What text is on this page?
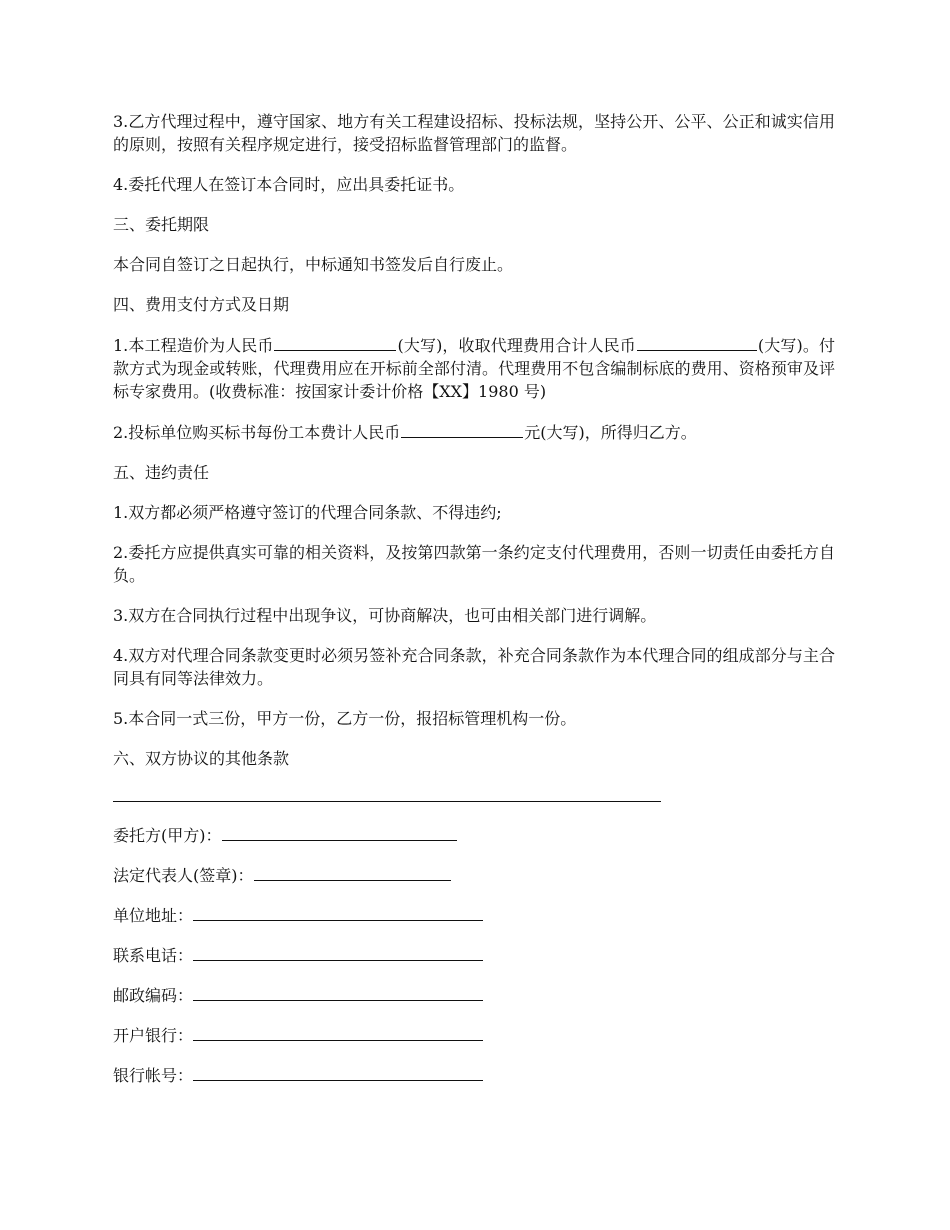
3.乙方代理过程中，遵守国家、地方有关工程建设招标、投标法规，坚持公开、公平、公正和诚实信用的原则，按照有关程序规定进行，接受招标监督管理部门的监督。

4.委托代理人在签订本合同时，应出具委托证书。

三、委托期限

本合同自签订之日起执行，中标通知书签发后自行废止。

四、费用支付方式及日期

1.本工程造价为人民币	(大写)，收取代理费用合计人民币	(大写)。付款方式为现金或转账，代理费用应在开标前全部付清。代理费用不包含编制标底的费用、资格预审及评标专家费用。(收费标准：按国家计委计价格【XX】1980 号)

2.投标单位购买标书每份工本费计人民币	元(大写)，所得归乙方。

五、违约责任

1.双方都必须严格遵守签订的代理合同条款、不得违约;

2.委托方应提供真实可靠的相关资料，及按第四款第一条约定支付代理费用，否则一切责任由委托方自负。

3.双方在合同执行过程中出现争议，可协商解决，也可由相关部门进行调解。

4.双方对代理合同条款变更时必须另签补充合同条款，补充合同条款作为本代理合同的组成部分与主合同具有同等法律效力。

5.本合同一式三份，甲方一份，乙方一份，报招标管理机构一份。

六、双方协议的其他条款

委托方(甲方)：
法定代表人(签章)：
单位地址：
联系电话：
邮政编码：
开户银行：
银行帐号：
